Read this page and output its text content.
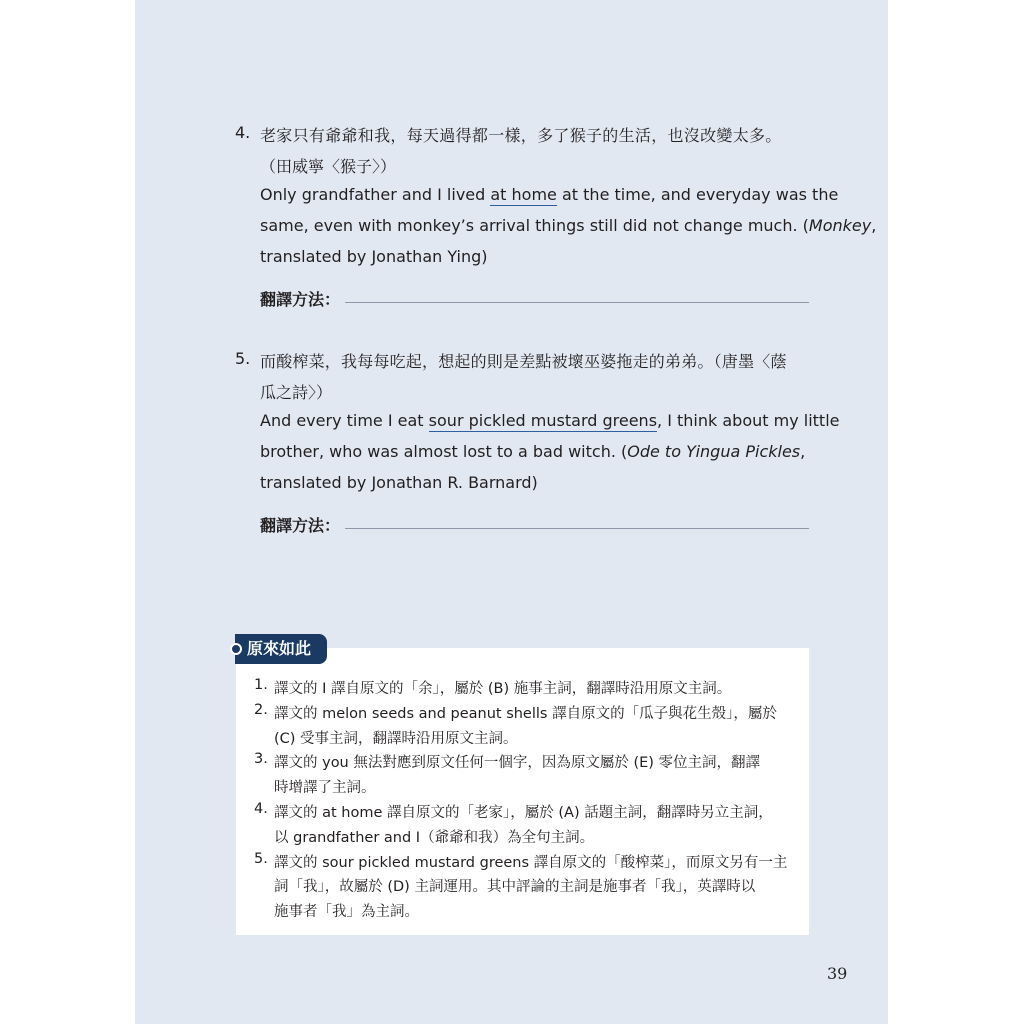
4. 老家只有爺爺和我，每天過得都一樣，多了猴子的生活，也沒改變太多。
（田威寧〈猴子〉）
Only grandfather and I lived at home at the time, and everyday was the
same, even with monkey’s arrival things still did not change much. (Monkey,
translated by Jonathan Ying)
翻譯方法：
5. 而酸榨菜，我每每吃起，想起的則是差點被壞巫婆拖走的弟弟。（唐墨〈蔭
瓜之詩〉）
And every time I eat sour pickled mustard greens, I think about my little
brother, who was almost lost to a bad witch. (Ode to Yingua Pickles,
translated by Jonathan R. Barnard)
翻譯方法：
原來如此
1. 譯文的 I 譯自原文的「余」，屬於 (B) 施事主詞，翻譯時沿用原文主詞。
2. 譯文的 melon seeds and peanut shells 譯自原文的「瓜子與花生殼」，屬於
(C) 受事主詞，翻譯時沿用原文主詞。
3. 譯文的 you 無法對應到原文任何一個字，因為原文屬於 (E) 零位主詞，翻譯
時增譯了主詞。
4. 譯文的 at home 譯自原文的「老家」，屬於 (A) 話題主詞，翻譯時另立主詞，
以 grandfather and I（爺爺和我）為全句主詞。
5. 譯文的 sour pickled mustard greens 譯自原文的「酸榨菜」，而原文另有一主
詞「我」，故屬於 (D) 主詞運用。其中評論的主詞是施事者「我」，英譯時以
施事者「我」為主詞。
39
